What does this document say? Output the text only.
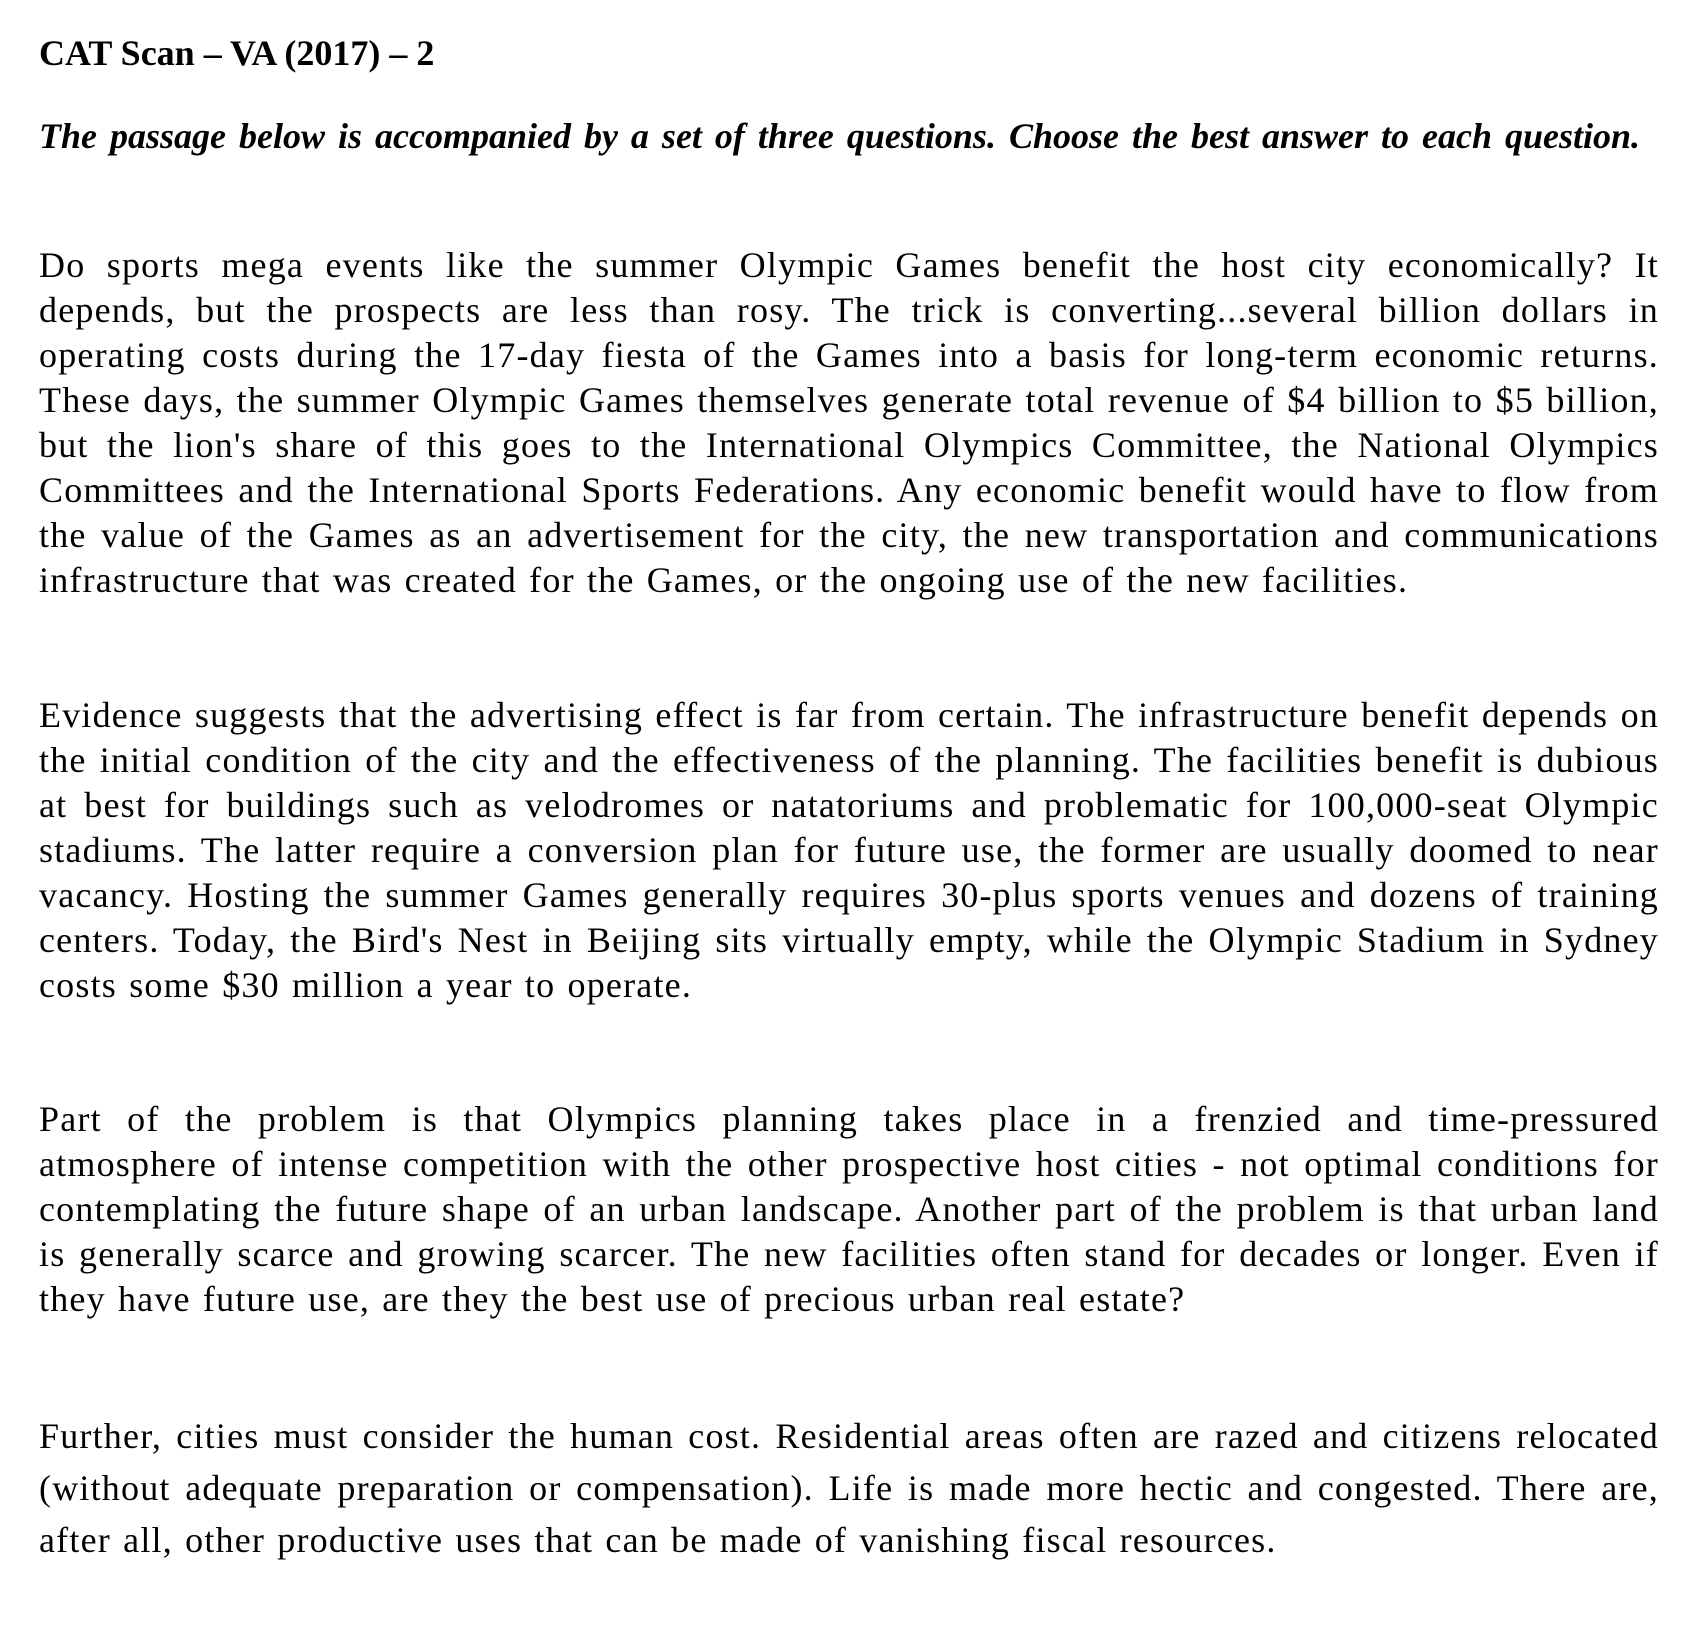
CAT Scan – VA (2017) – 2

The passage below is accompanied by a set of three questions. Choose the best answer to each question.

Do sports mega events like the summer Olympic Games benefit the host city economically? It depends, but the prospects are less than rosy. The trick is converting...several billion dollars in operating costs during the 17-day fiesta of the Games into a basis for long-term economic returns. These days, the summer Olympic Games themselves generate total revenue of $4 billion to $5 billion, but the lion's share of this goes to the International Olympics Committee, the National Olympics Committees and the International Sports Federations. Any economic benefit would have to flow from the value of the Games as an advertisement for the city, the new transportation and communications infrastructure that was created for the Games, or the ongoing use of the new facilities.

Evidence suggests that the advertising effect is far from certain. The infrastructure benefit depends on the initial condition of the city and the effectiveness of the planning. The facilities benefit is dubious at best for buildings such as velodromes or natatoriums and problematic for 100,000-seat Olympic stadiums. The latter require a conversion plan for future use, the former are usually doomed to near vacancy. Hosting the summer Games generally requires 30-plus sports venues and dozens of training centers. Today, the Bird's Nest in Beijing sits virtually empty, while the Olympic Stadium in Sydney costs some $30 million a year to operate.

Part of the problem is that Olympics planning takes place in a frenzied and time-pressured atmosphere of intense competition with the other prospective host cities - not optimal conditions for contemplating the future shape of an urban landscape. Another part of the problem is that urban land is generally scarce and growing scarcer. The new facilities often stand for decades or longer. Even if they have future use, are they the best use of precious urban real estate?

Further, cities must consider the human cost. Residential areas often are razed and citizens relocated (without adequate preparation or compensation). Life is made more hectic and congested. There are, after all, other productive uses that can be made of vanishing fiscal resources.
